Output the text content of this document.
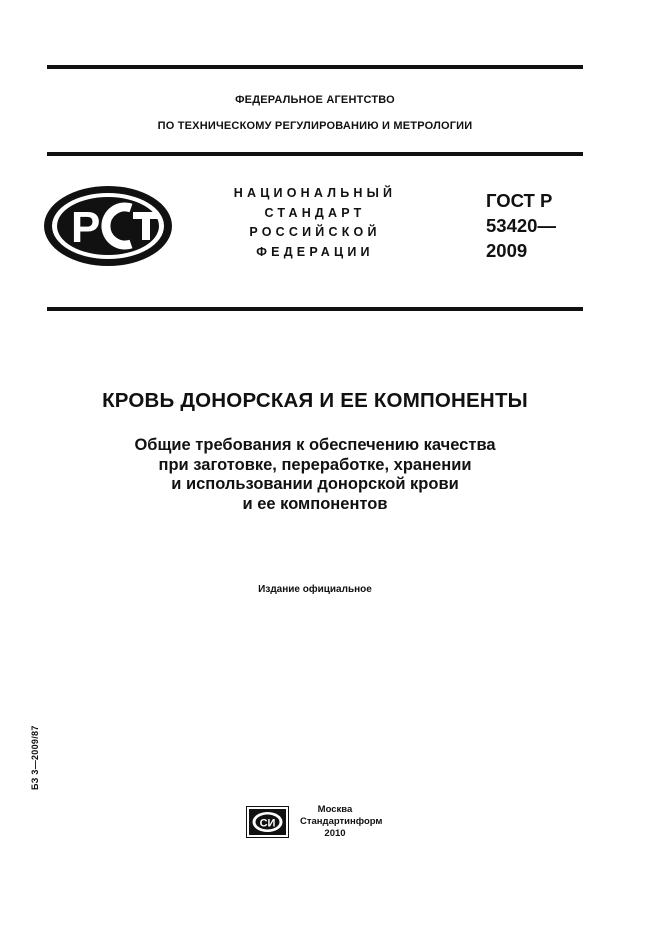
ФЕДЕРАЛЬНОЕ АГЕНТСТВО
ПО ТЕХНИЧЕСКОМУ РЕГУЛИРОВАНИЮ И МЕТРОЛОГИИ
Р
НАЦИОНАЛЬНЫЙ
СТАНДАРТ
РОССИЙСКОЙ
ФЕДЕРАЦИИ
ГОСТ Р
53420—
2009
КРОВЬ ДОНОРСКАЯ И ЕЕ КОМПОНЕНТЫ
Общие требования к обеспечению качества
при заготовке, переработке, хранении
и использовании донорской крови
и ее компонентов
Издание официальное
БЗ 3—2009/87
СИ
Москва
Стандартинформ
2010
